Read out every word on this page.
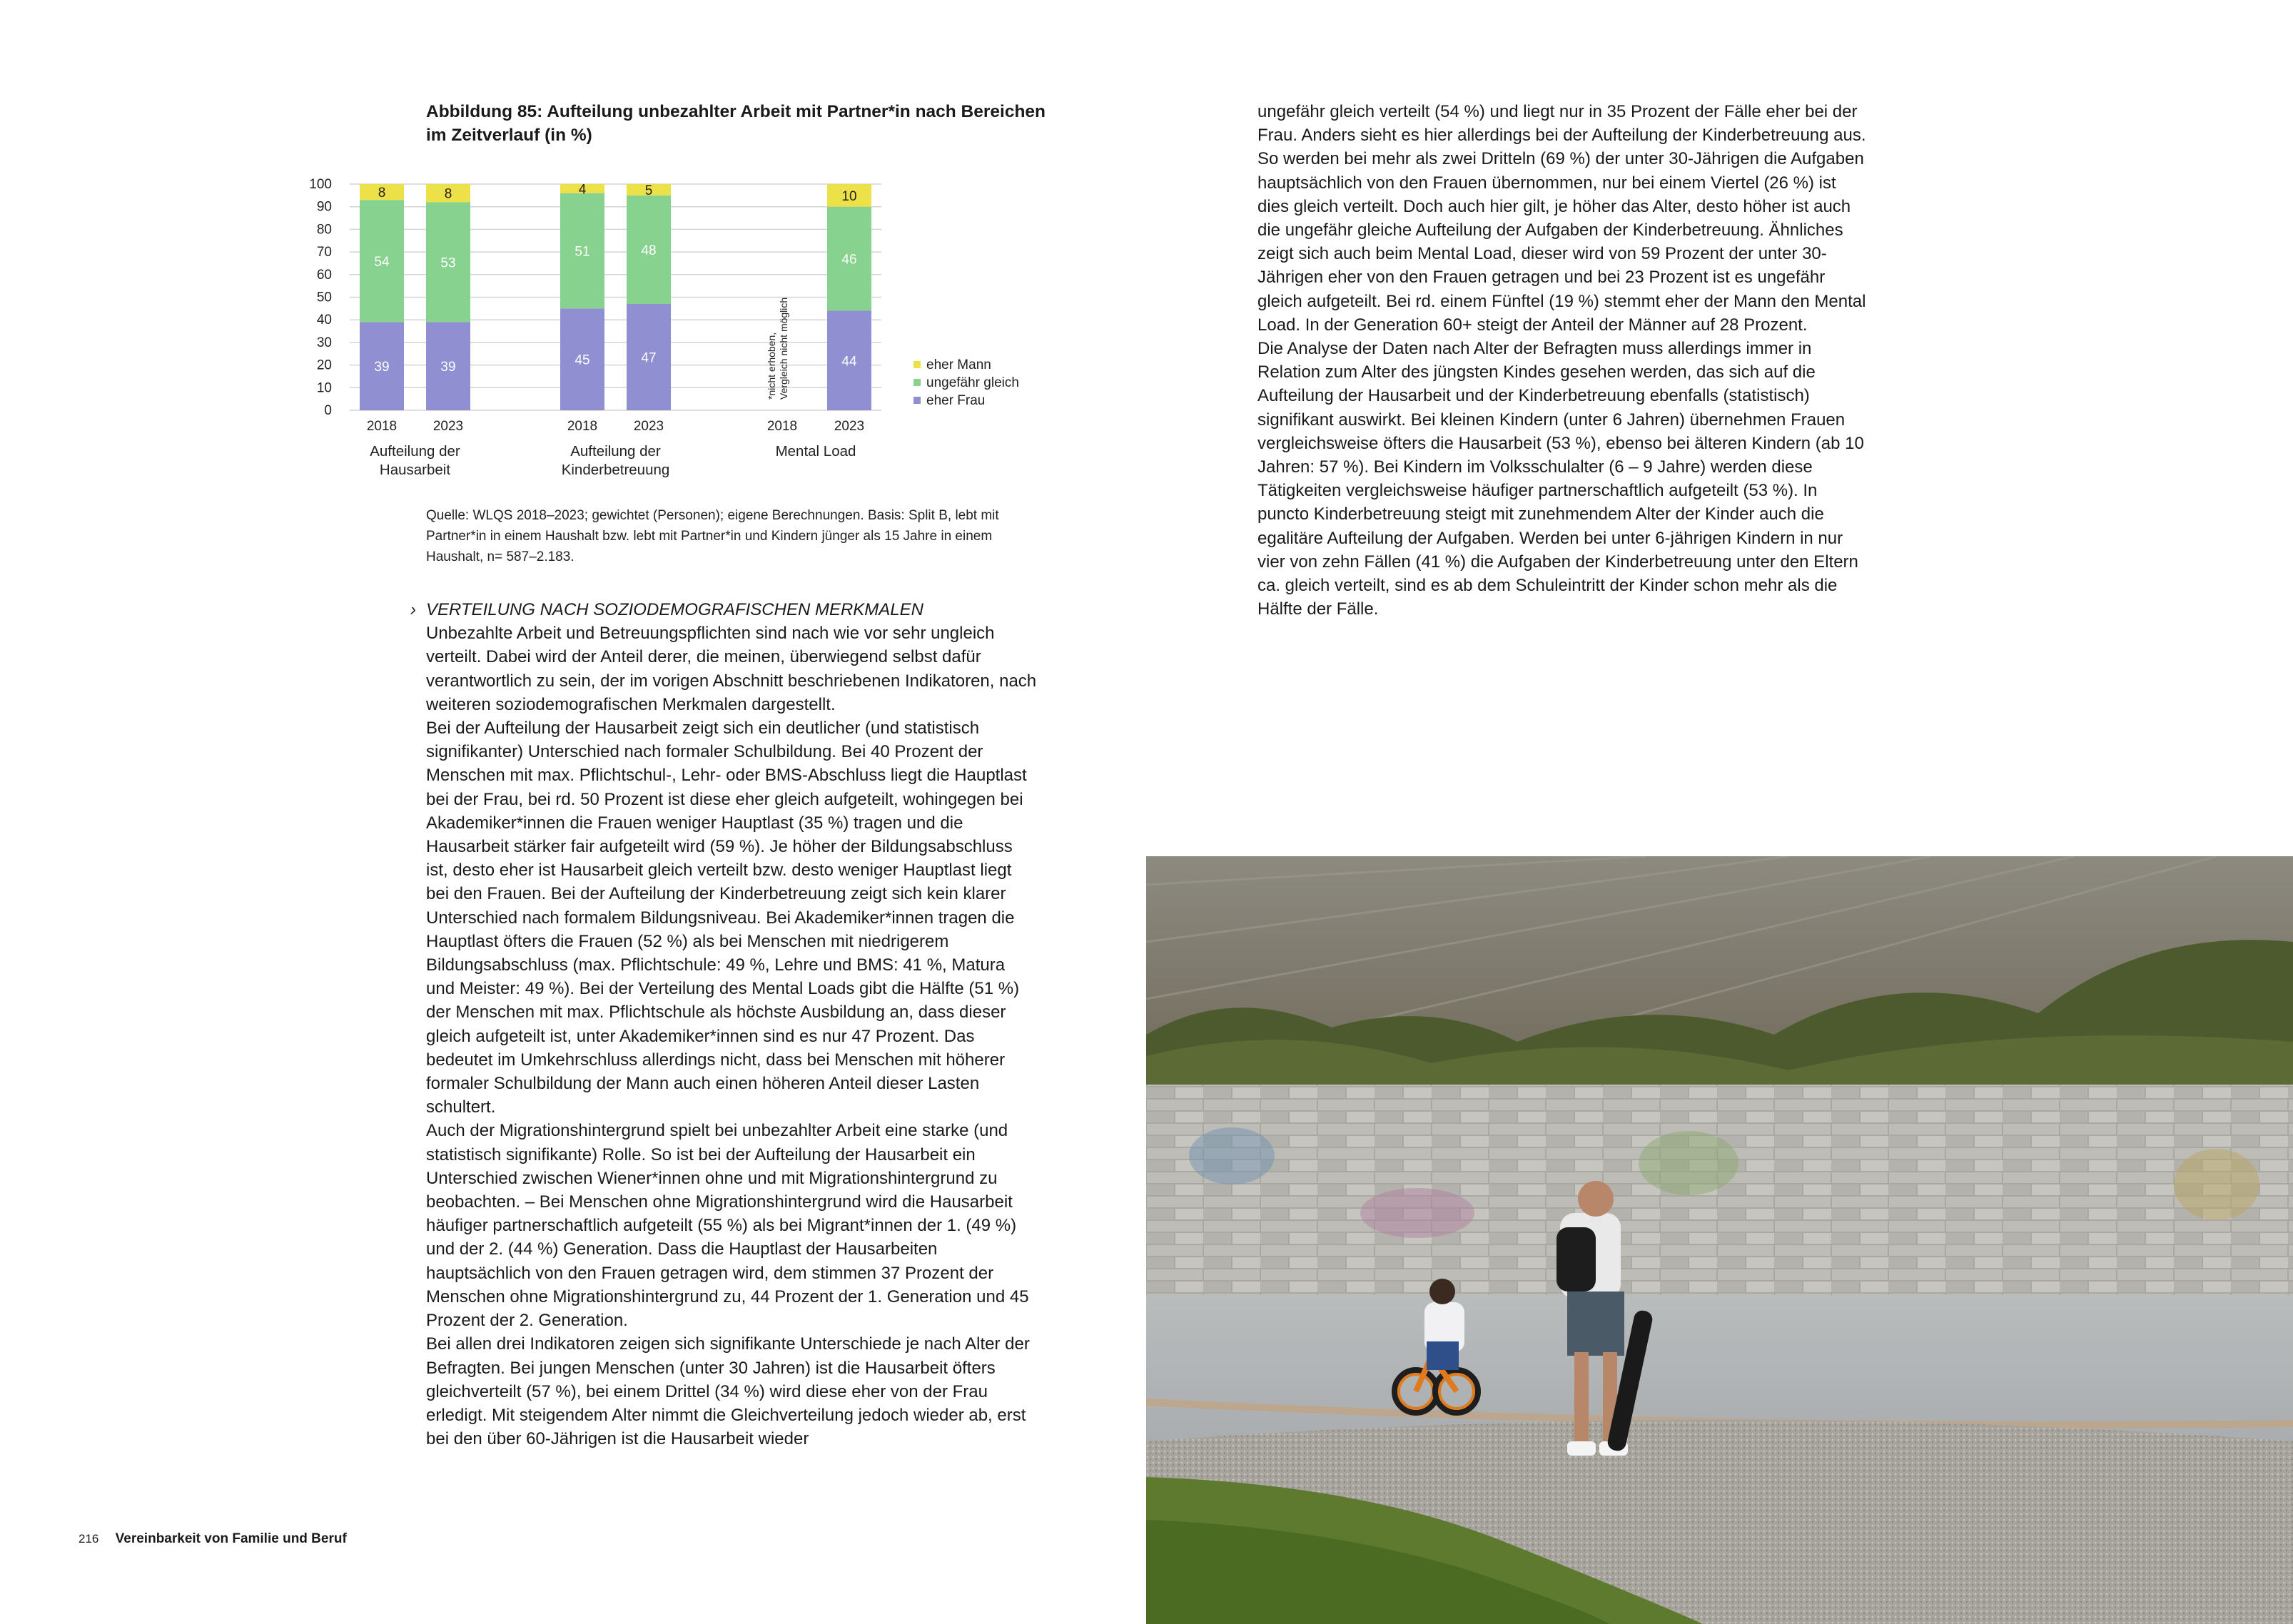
Abbildung 85: Aufteilung unbezahlter Arbeit mit Partner*in nach Bereichen im Zeitverlauf (in %)
100
90
80
70
60
50
40
30
20
10
0
39
54
8
39
53
8
45
51
4
47
48
5
44
46
10
2018	2023	2018	2023	2018	2023
Aufteilung der Hausarbeit
Aufteilung der Kinderbetreuung
Mental Load
eher Mann
ungefähr gleich
eher Frau
*nicht erhoben,Vergleich nicht möglich
Quelle: WLQS 2018–2023; gewichtet (Personen); eigene Berechnungen. Basis: Split B, lebt mit Partner*in in einem Haushalt bzw. lebt mit Partner*in und Kindern jünger als 15 Jahre in einem Haushalt, n= 587–2.183.
› VERTEILUNG NACH SOZIODEMOGRAFISCHEN MERKMALEN

Unbezahlte Arbeit und Betreuungspflichten sind nach wie vor sehr ungleich verteilt. Dabei wird der Anteil derer, die meinen, überwiegend selbst dafür verantwortlich zu sein, der im vorigen Abschnitt beschriebenen Indikatoren, nach weiteren soziodemografischen Merkmalen dargestellt.

Bei der Aufteilung der Hausarbeit zeigt sich ein deutlicher (und statistisch signifikanter) Unterschied nach formaler Schulbildung. Bei 40 Prozent der Menschen mit max. Pflichtschul-, Lehr- oder BMS-Abschluss liegt die Hauptlast bei der Frau, bei rd. 50 Prozent ist diese eher gleich aufgeteilt, wohingegen bei Akademiker*innen die Frauen weniger Hauptlast (35 %) tragen und die Hausarbeit stärker fair aufgeteilt wird (59 %). Je höher der Bildungsabschluss ist, desto eher ist Hausarbeit gleich verteilt bzw. desto weniger Hauptlast liegt bei den Frauen. Bei der Aufteilung der Kinderbetreuung zeigt sich kein klarer Unterschied nach formalem Bildungsniveau. Bei Akademiker*innen tragen die Hauptlast öfters die Frauen (52 %) als bei Menschen mit niedrigerem Bildungsabschluss (max. Pflichtschule: 49 %, Lehre und BMS: 41 %, Matura und Meister: 49 %). Bei der Verteilung des Mental Loads gibt die Hälfte (51 %) der Menschen mit max. Pflichtschule als höchste Ausbildung an, dass dieser gleich aufgeteilt ist, unter Akademiker*innen sind es nur 47 Prozent. Das bedeutet im Umkehrschluss allerdings nicht, dass bei Menschen mit höherer formaler Schulbildung der Mann auch einen höheren Anteil dieser Lasten schultert.

Auch der Migrationshintergrund spielt bei unbezahlter Arbeit eine starke (und statistisch signifikante) Rolle. So ist bei der Aufteilung der Hausarbeit ein Unterschied zwischen Wiener*innen ohne und mit Migrationshintergrund zu beobachten. – Bei Menschen ohne Migrationshintergrund wird die Hausarbeit häufiger partnerschaftlich aufgeteilt (55 %) als bei Migrant*innen der 1. (49 %) und der 2. (44 %) Generation. Dass die Hauptlast der Hausarbeiten hauptsächlich von den Frauen getragen wird, dem stimmen 37 Prozent der Menschen ohne Migrationshintergrund zu, 44 Prozent der 1. Generation und 45 Prozent der 2. Generation.

Bei allen drei Indikatoren zeigen sich signifikante Unterschiede je nach Alter der Befragten. Bei jungen Menschen (unter 30 Jahren) ist die Hausarbeit öfters gleichverteilt (57 %), bei einem Drittel (34 %) wird diese eher von der Frau erledigt. Mit steigendem Alter nimmt die Gleichverteilung jedoch wieder ab, erst bei den über 60-Jährigen ist die Hausarbeit wieder

ungefähr gleich verteilt (54 %) und liegt nur in 35 Prozent der Fälle eher bei der Frau. Anders sieht es hier allerdings bei der Aufteilung der Kinderbetreuung aus. So werden bei mehr als zwei Dritteln (69 %) der unter 30-Jährigen die Aufgaben hauptsächlich von den Frauen übernommen, nur bei einem Viertel (26 %) ist dies gleich verteilt. Doch auch hier gilt, je höher das Alter, desto höher ist auch die ungefähr gleiche Aufteilung der Aufgaben der Kinderbetreuung. Ähnliches zeigt sich auch beim Mental Load, dieser wird von 59 Prozent der unter 30-Jährigen eher von den Frauen getragen und bei 23 Prozent ist es ungefähr gleich aufgeteilt. Bei rd. einem Fünftel (19 %) stemmt eher der Mann den Mental Load. In der Generation 60+ steigt der Anteil der Männer auf 28 Prozent.

Die Analyse der Daten nach Alter der Befragten muss allerdings immer in Relation zum Alter des jüngsten Kindes gesehen werden, das sich auf die Aufteilung der Hausarbeit und der Kinderbetreuung ebenfalls (statistisch) signifikant auswirkt. Bei kleinen Kindern (unter 6 Jahren) übernehmen Frauen vergleichsweise öfters die Hausarbeit (53 %), ebenso bei älteren Kindern (ab 10 Jahren: 57 %). Bei Kindern im Volksschulalter (6 – 9 Jahre) werden diese Tätigkeiten vergleichsweise häufiger partnerschaftlich aufgeteilt (53 %). In puncto Kinderbetreuung steigt mit zunehmendem Alter der Kinder auch die egalitäre Aufteilung der Aufgaben. Werden bei unter 6-jährigen Kindern in nur vier von zehn Fällen (41 %) die Aufgaben der Kinderbetreuung unter den Eltern ca. gleich verteilt, sind es ab dem Schuleintritt der Kinder schon mehr als die Hälfte der Fälle.

216 Vereinbarkeit von Familie und Beruf
